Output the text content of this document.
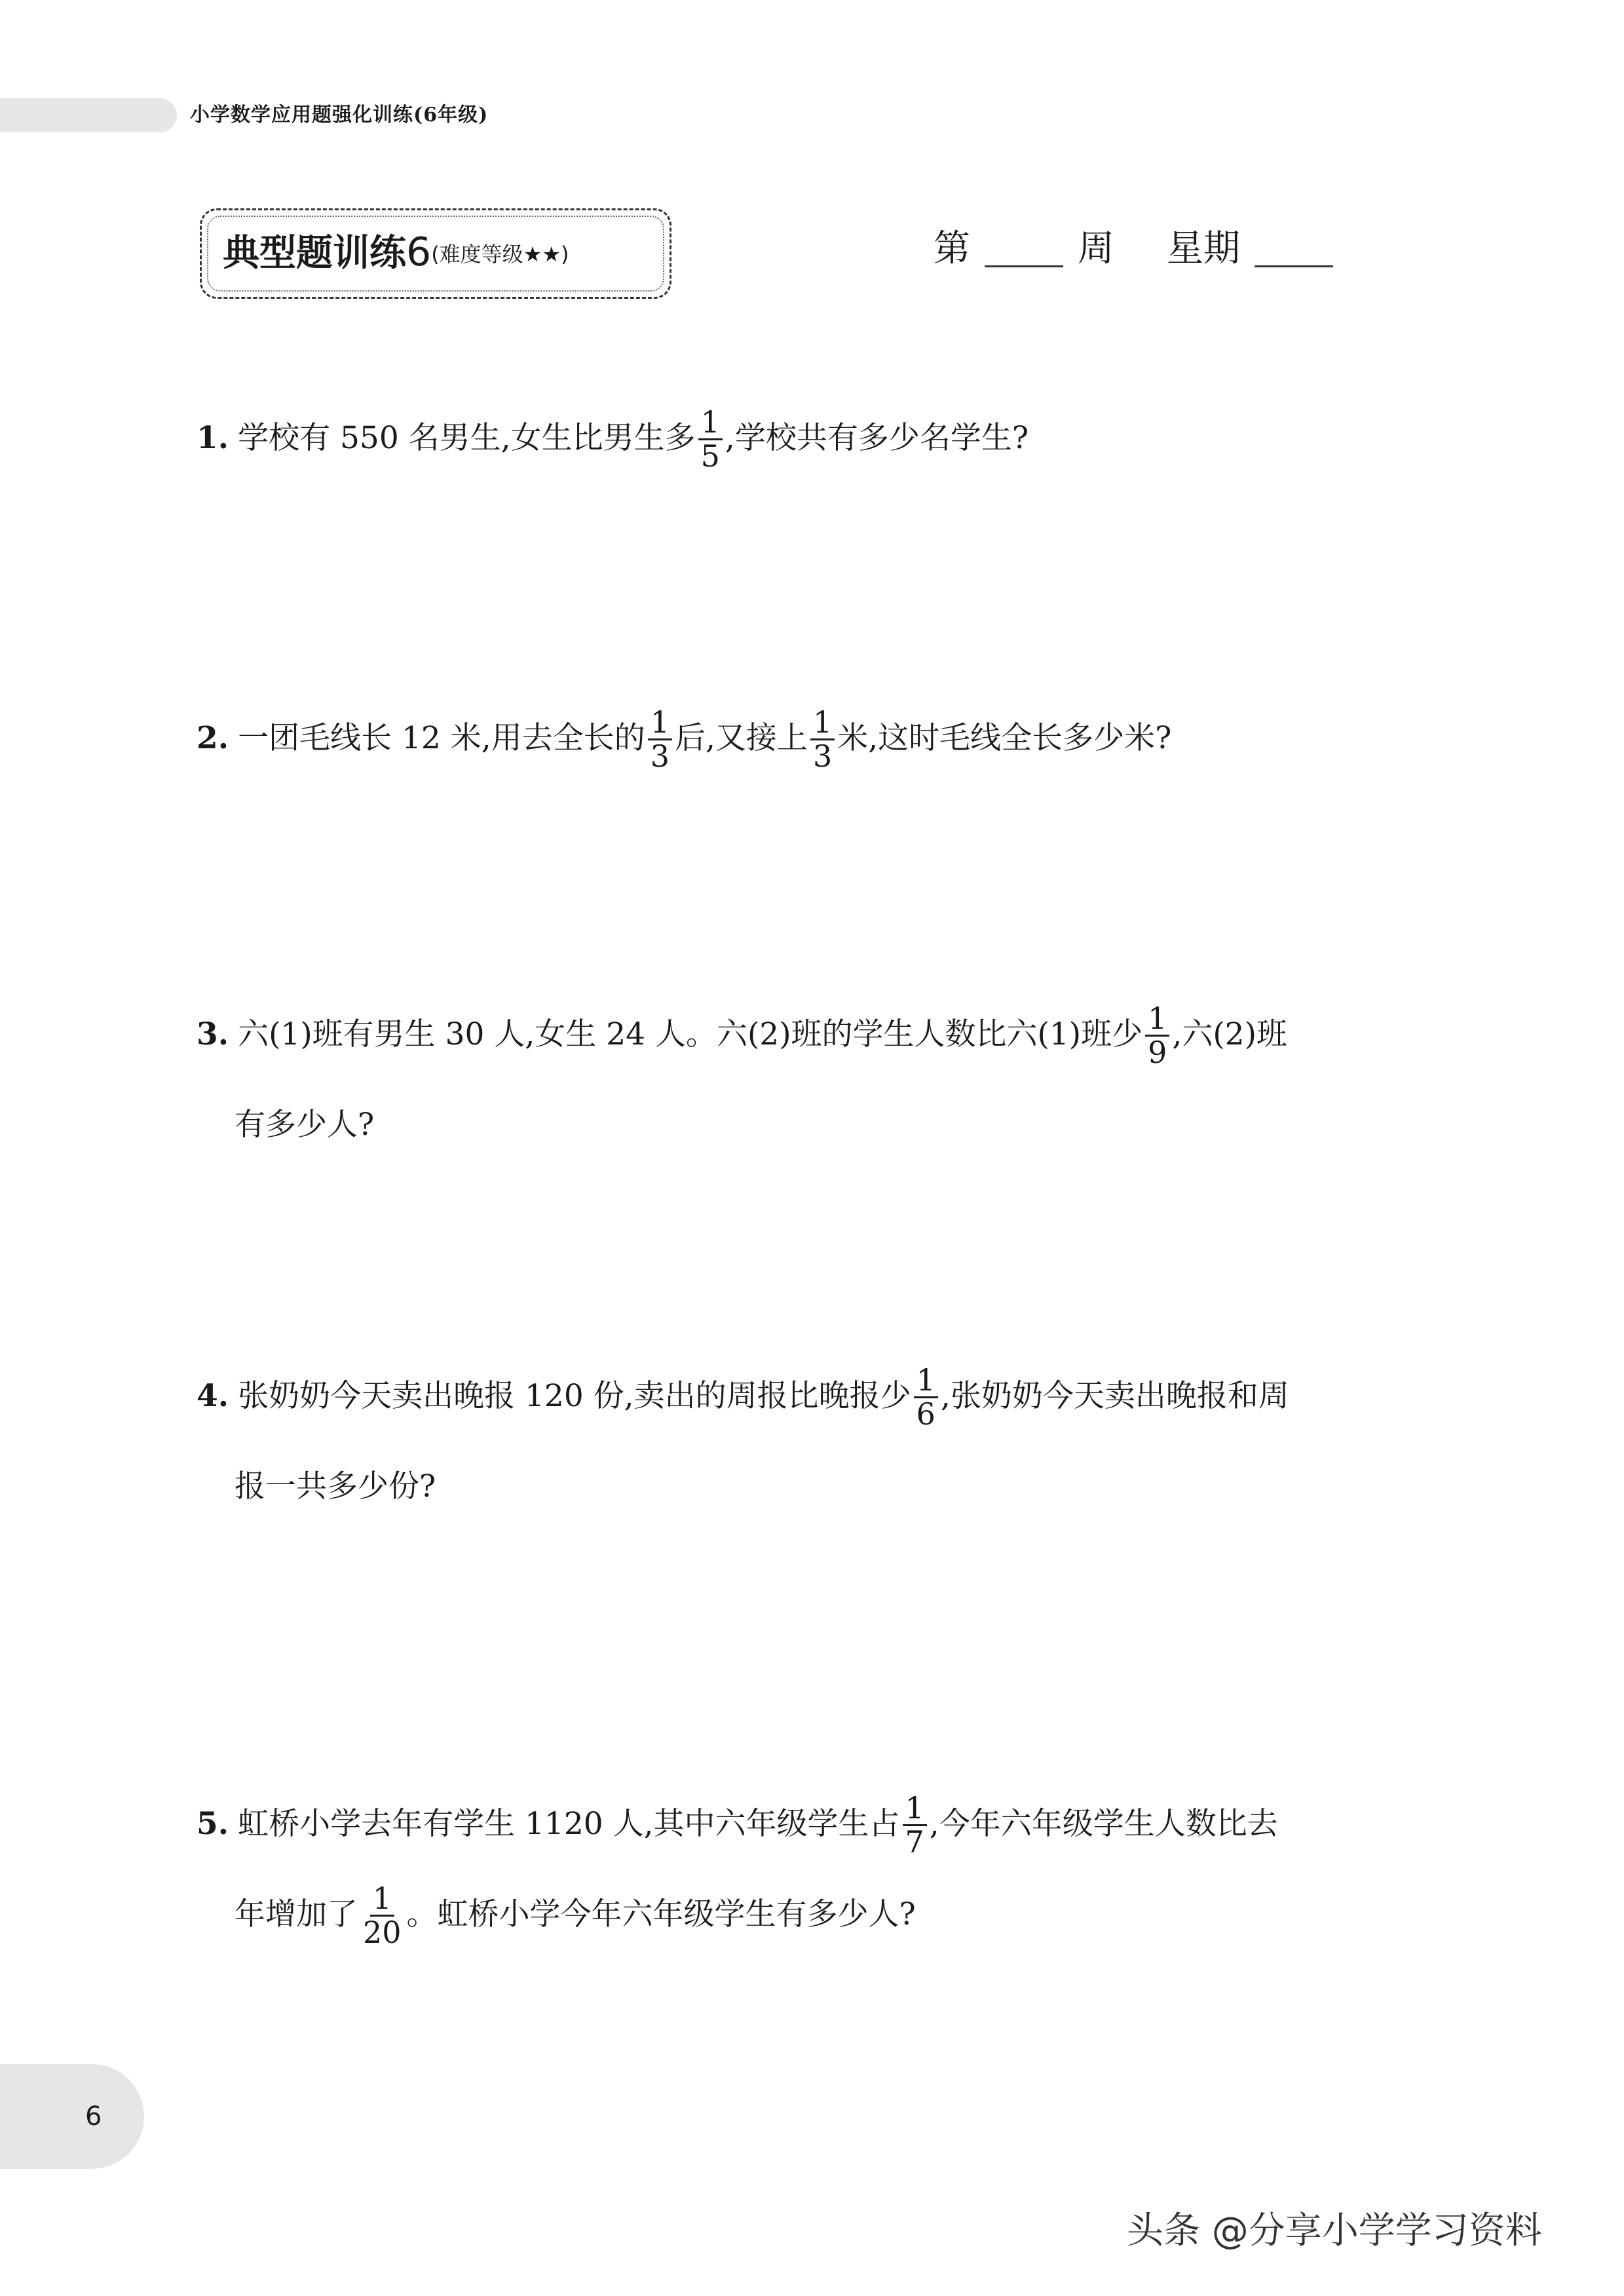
小学数学应用题强化训练(6年级)
典型题训练6(难度等级★★)	第	周 星期
1. 学校有 550 名男生,女生比男生多 $\frac{1}{5}$ ,学校共有多少名学生?
2. 一团毛线长 12 米,用去全长的 $\frac{1}{3}$ 后,又接上 $\frac{1}{3}$ 米,这时毛线全长多少米?
3. 六(1)班有男生 30 人,女生 24 人。六(2)班的学生人数比六(1)班少 $\frac{1}{9}$ ,六(2)班
有多少人?
4. 张奶奶今天卖出晚报 120 份,卖出的周报比晚报少 $\frac{1}{6}$ ,张奶奶今天卖出晚报和周
报一共多少份?
5. 虹桥小学去年有学生 1120 人,其中六年级学生占 $\frac{1}{7}$ ,今年六年级学生人数比去
年增加了 $\frac{1}{20}$ 。虹桥小学今年六年级学生有多少人?
6
头条 @分享小学学习资料
